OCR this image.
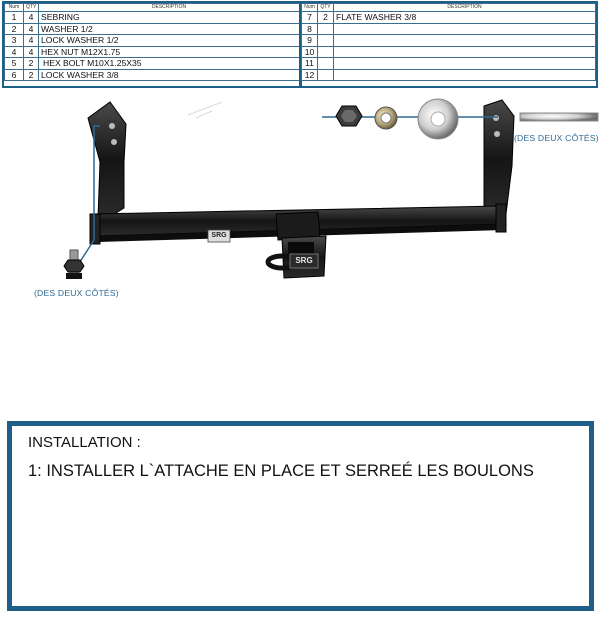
Num	QTY	DESCRIPTION
1	4	SEBRING
2	4	WASHER 1/2
3	4	LOCK WASHER 1/2
4	4	HEX NUT M12X1.75
5	2	HEX BOLT M10X1.25X35
6	2	LOCK WASHER 3/8
Num	QTY	DESCRIPTION
7	2	FLATE WASHER 3/8
8		
9		
10		
11		
12		
(DES DEUX CÔTÉS)
(DES DEUX CÔTÉS)
SRG
SRG
INSTALLATION :
1: INSTALLER L`ATTACHE EN PLACE ET SERREÉ LES BOULONS
